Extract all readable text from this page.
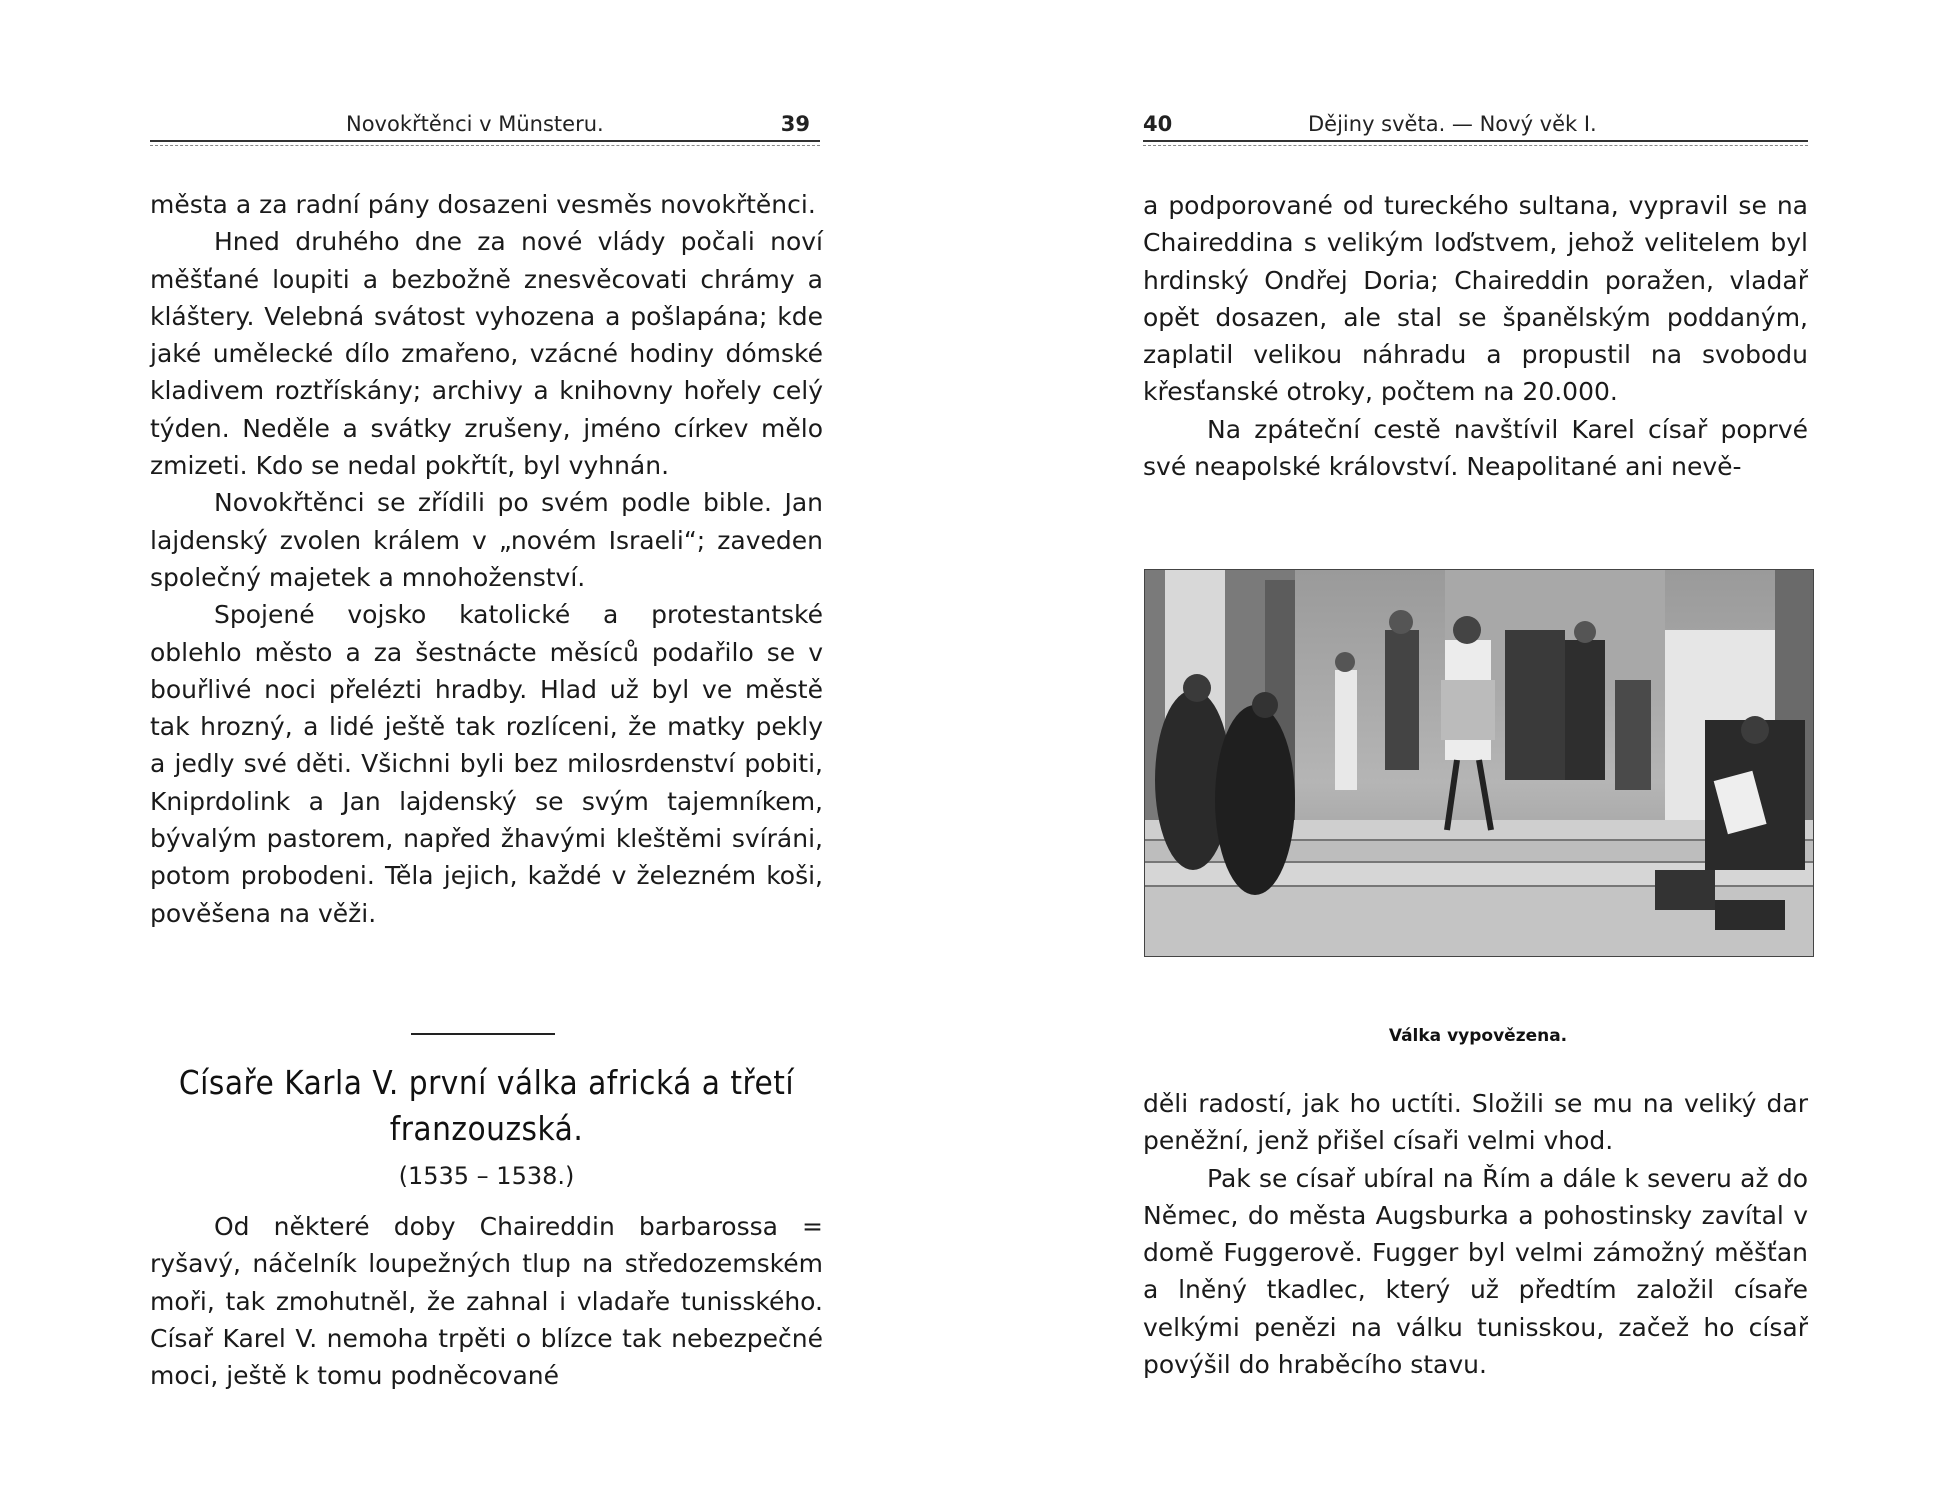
Novokřtěnci v Münsteru.	39

města a za radní pány dosazeni vesměs novokřtěnci.

Hned druhého dne za nové vlády počali noví měšťané loupiti a bezbožně znesvěcovati chrámy a kláštery. Velebná svátost vyhozena a pošlapána; kde jaké umělecké dílo zmařeno, vzácné hodiny dómské kladivem roztřískány; archivy a knihovny hořely celý týden. Neděle a svátky zrušeny, jméno církev mělo zmizeti. Kdo se nedal pokřtít, byl vyhnán.

Novokřtěnci se zřídili po svém podle bible. Jan lajdenský zvolen králem v „novém Israeli“; zaveden společný majetek a mnohoženství.

Spojené vojsko katolické a protestantské oblehlo město a za šestnácte měsíců podařilo se v bouřlivé noci přelézti hradby. Hlad už byl ve městě tak hrozný, a lidé ještě tak rozlíceni, že matky pekly a jedly své děti. Všichni byli bez milosrdenství pobiti, Kniprdolink a Jan lajdenský se svým tajemníkem, bývalým pastorem, napřed žhavými kleštěmi svíráni, potom probodeni. Těla jejich, každé v železném koši, pověšena na věži.

Císaře Karla V. první válka africká a třetí franzouzská.
(1535 – 1538.)

Od některé doby Chaireddin barbarossa = ryšavý, náčelník loupežných tlup na středozemském moři, tak zmohutněl, že zahnal i vladaře tunisského. Císař Karel V. nemoha trpěti o blízce tak nebezpečné moci, ještě k tomu podněcované

40	Dějiny světa. — Nový věk I.

a podporované od tureckého sultana, vypravil se na Chaireddina s velikým loďstvem, jehož velitelem byl hrdinský Ondřej Doria; Chaireddin poražen, vladař opět dosazen, ale stal se španělským poddaným, zaplatil velikou náhradu a propustil na svobodu křesťanské otroky, počtem na 20.000.

Na zpáteční cestě navštívil Karel císař poprvé své neapolské království. Neapolitané ani nevě-

děli radostí, jak ho uctíti. Složili se mu na veliký dar peněžní, jenž přišel císaři velmi vhod.

Pak se císař ubíral na Řím a dále k severu až do Němec, do města Augsburka a pohostinsky zavítal v domě Fuggerově. Fugger byl velmi zámožný měšťan a lněný tkadlec, který už předtím založil císaře velkými penězi na válku tunisskou, začež ho císař povýšil do hraběcího stavu.

Válka vypovězena.
